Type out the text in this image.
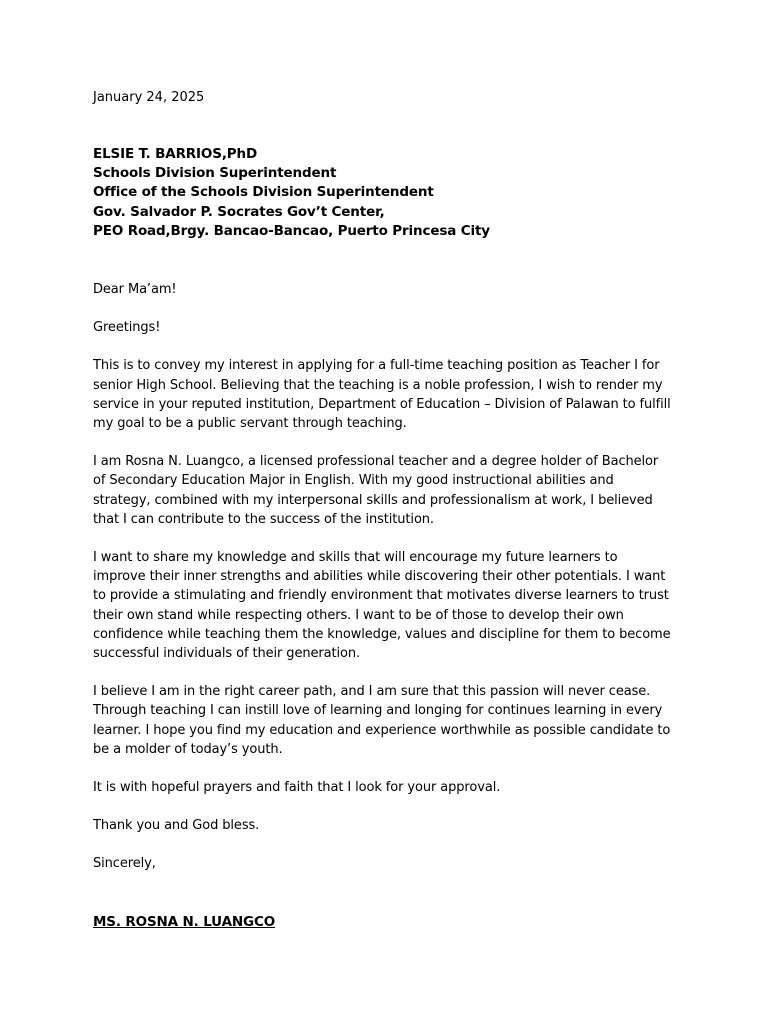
January 24, 2025
ELSIE T. BARRIOS,PhD
Schools Division Superintendent
Office of the Schools Division Superintendent
Gov. Salvador P. Socrates Gov’t Center,
PEO Road,Brgy. Bancao-Bancao, Puerto Princesa City

Dear Ma’am!

Greetings!

This is to convey my interest in applying for a full-time teaching position as Teacher I for senior High School. Believing that the teaching is a noble profession, I wish to render my service in your reputed institution, Department of Education – Division of Palawan to fulfill my goal to be a public servant through teaching.

I am Rosna N. Luangco, a licensed professional teacher and a degree holder of Bachelor of Secondary Education Major in English. With my good instructional abilities and strategy, combined with my interpersonal skills and professionalism at work, I believed that I can contribute to the success of the institution.

I want to share my knowledge and skills that will encourage my future learners to improve their inner strengths and abilities while discovering their other potentials. I want to provide a stimulating and friendly environment that motivates diverse learners to trust their own stand while respecting others. I want to be of those to develop their own confidence while teaching them the knowledge, values and discipline for them to become successful individuals of their generation.

I believe I am in the right career path, and I am sure that this passion will never cease. Through teaching I can instill love of learning and longing for continues learning in every learner. I hope you find my education and experience worthwhile as possible candidate to be a molder of today’s youth.

It is with hopeful prayers and faith that I look for your approval.

Thank you and God bless.

Sincerely,

MS. ROSNA N. LUANGCO
